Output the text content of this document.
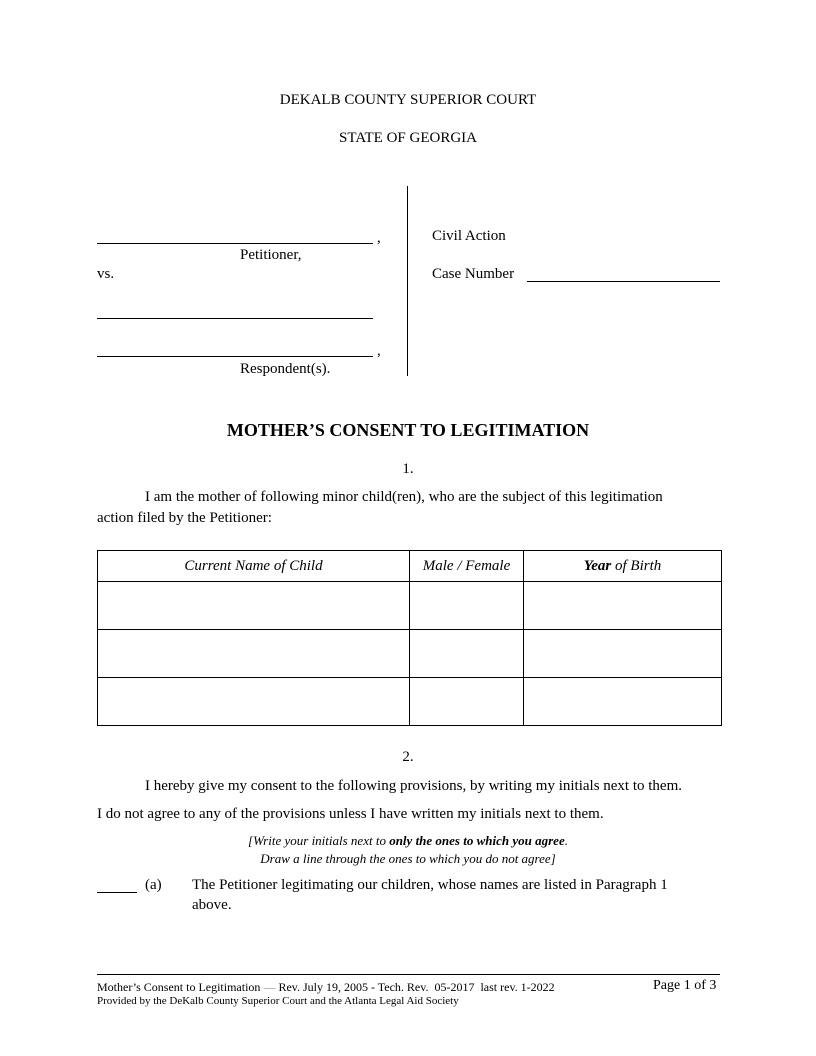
DEKALB COUNTY SUPERIOR COURT
STATE OF GEORGIA
,
Petitioner,
vs.
,
Respondent(s).
Civil Action
Case Number
MOTHER’S CONSENT TO LEGITIMATION
1.
I am the mother of following minor child(ren), who are the subject of this legitimation
action filed by the Petitioner:
Current Name of Child	Male / Female	Year of Birth

2.
I hereby give my consent to the following provisions, by writing my initials next to them.
I do not agree to any of the provisions unless I have written my initials next to them.
[Write your initials next to only the ones to which you agree.
Draw a line through the ones to which you do not agree]
(a) The Petitioner legitimating our children, whose names are listed in Paragraph 1
above.
Mother’s Consent to Legitimation — Rev. July 19, 2005 - Tech. Rev.  05-2017  last rev. 1-2022	Page 1 of 3
Provided by the DeKalb County Superior Court and the Atlanta Legal Aid Society
